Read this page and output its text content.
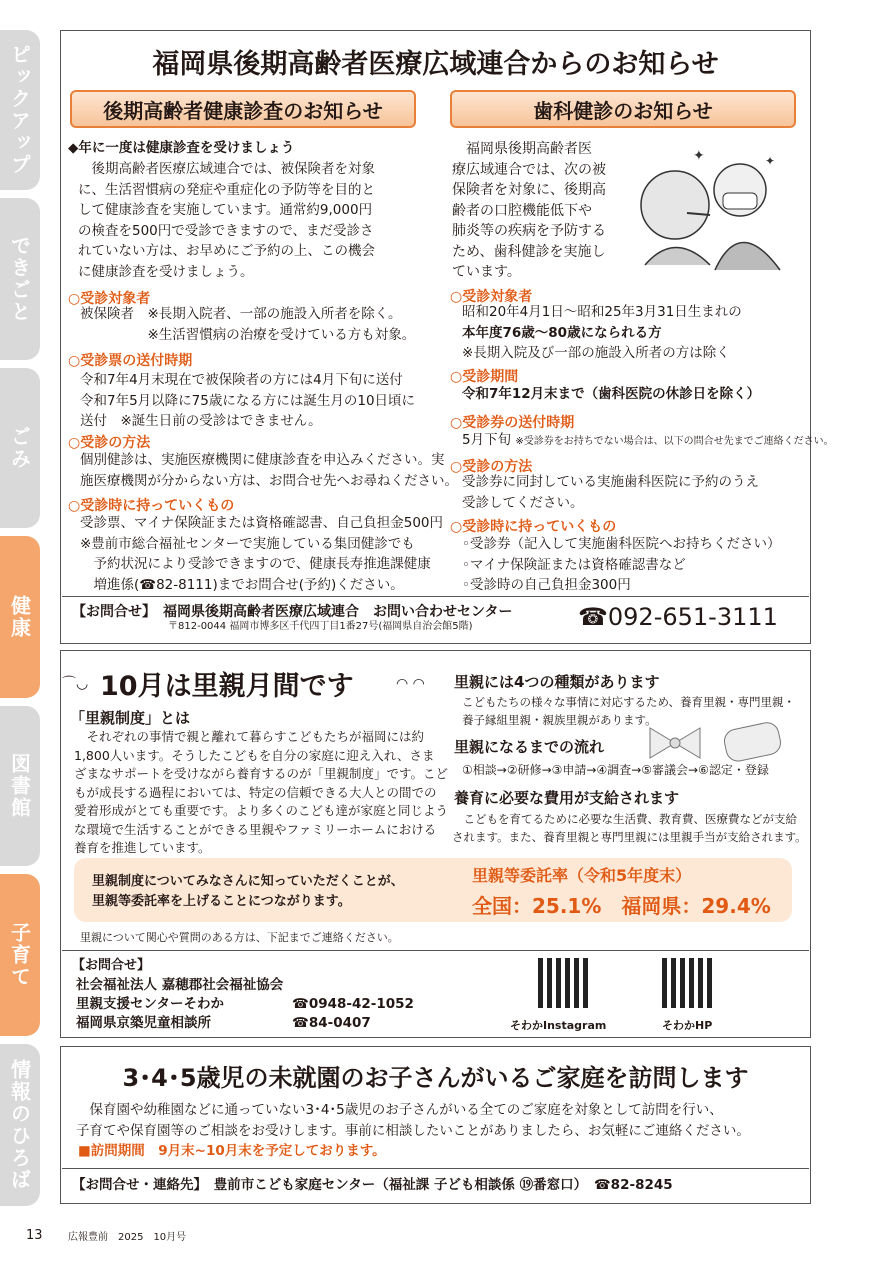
ピックアップ
できごと
ごみ
健康
図書館
子育て
情報のひろば
福岡県後期高齢者医療広域連合からのお知らせ
後期高齢者健康診査のお知らせ	歯科健診のお知らせ
◆年に一度は健康診査を受けましょう
　後期高齢者医療広域連合では、被保険者を対象
に、生活習慣病の発症や重症化の予防等を目的と
して健康診査を実施しています。通常約9,000円
の検査を500円で受診できますので、まだ受診さ
れていない方は、お早めにご予約の上、この機会
に健康診査を受けましょう。
○受診対象者
被保険者　※長期入院者、一部の施設入所者を除く。
　　　　　※生活習慣病の治療を受けている方も対象。
○受診票の送付時期
令和7年4月末現在で被保険者の方には4月下旬に送付
令和7年5月以降に75歳になる方には誕生月の10日頃に
送付　※誕生日前の受診はできません。
○受診の方法
個別健診は、実施医療機関に健康診査を申込みください。実
施医療機関が分からない方は、お問合せ先へお尋ねください。
○受診時に持っていくもの
受診票、マイナ保険証または資格確認書、自己負担金500円
※豊前市総合福祉センターで実施している集団健診でも
　予約状況により受診できますので、健康長寿推進課健康
　増進係(☎82-8111)までお問合せ(予約)ください。
　福岡県後期高齢者医
療広域連合では、次の被
保険者を対象に、後期高
齢者の口腔機能低下や
肺炎等の疾病を予防する
ため、歯科健診を実施し
ています。
✦	✦
○受診対象者
昭和20年4月1日～昭和25年3月31日生まれの
本年度76歳～80歳になられる方
※長期入院及び一部の施設入所者の方は除く
○受診期間
令和7年12月末まで（歯科医院の休診日を除く）
○受診券の送付時期
5月下旬 ※受診券をお持ちでない場合は、以下の問合せ先までご連絡ください。
○受診の方法
受診券に同封している実施歯科医院に予約のうえ
受診してください。
○受診時に持っていくもの
◦受診券（記入して実施歯科医院へお持ちください）
◦マイナ保険証または資格確認書など
◦受診時の自己負担金300円
【お問合せ】　 福岡県後期高齢者医療広域連合　お問い合わせセンター
〒812-0044 福岡市博多区千代四丁目1番27号(福岡県自治会館5階)	☎092-651-3111
⌒◡ 10月は里親月間です	◠ ◠
「里親制度」とは
　それぞれの事情で親と離れて暮らすこどもたちが福岡には約
1,800人います。そうしたこどもを自分の家庭に迎え入れ、さま
ざまなサポートを受けながら養育するのが「里親制度」です。こど
もが成長する過程においては、特定の信頼できる大人との間での
愛着形成がとても重要です。より多くのこども達が家庭と同じよう
な環境で生活することができる里親やファミリーホームにおける
養育を推進しています。
里親には4つの種類があります
こどもたちの様々な事情に対応するため、養育里親・専門里親・
養子縁組里親・親族里親があります。
里親になるまでの流れ
①相談→②研修→③申請→④調査→⑤審議会→⑥認定・登録
養育に必要な費用が支給されます
　こどもを育てるために必要な生活費、教育費、医療費などが支給
されます。また、養育里親と専門里親には里親手当が支給されます。
里親制度についてみなさんに知っていただくことが、
里親等委託率を上げることにつながります。
里親等委託率（令和5年度末）
全国：25.1%　福岡県：29.4%
里親について関心や質問のある方は、下記までご連絡ください。
【お問合せ】
社会福祉法人 嘉穂郡社会福祉協会
里親支援センターそわか	☎0948-42-1052
福岡県京築児童相談所	☎84-0407	そわかInstagram	そわかHP
3･4･5歳児の未就園のお子さんがいるご家庭を訪問します
　保育園や幼稚園などに通っていない3･4･5歳児のお子さんがいる全てのご家庭を対象として訪問を行い、
子育てや保育園等のご相談をお受けします。事前に相談したいことがありましたら、お気軽にご連絡ください。
■訪問期間　9月末~10月末を予定しております。
【お問合せ・連絡先】　豊前市こども家庭センター（福祉課 子ども相談係 ⑲番窓口）　☎82-8245
13	広報豊前　2025　10月号
